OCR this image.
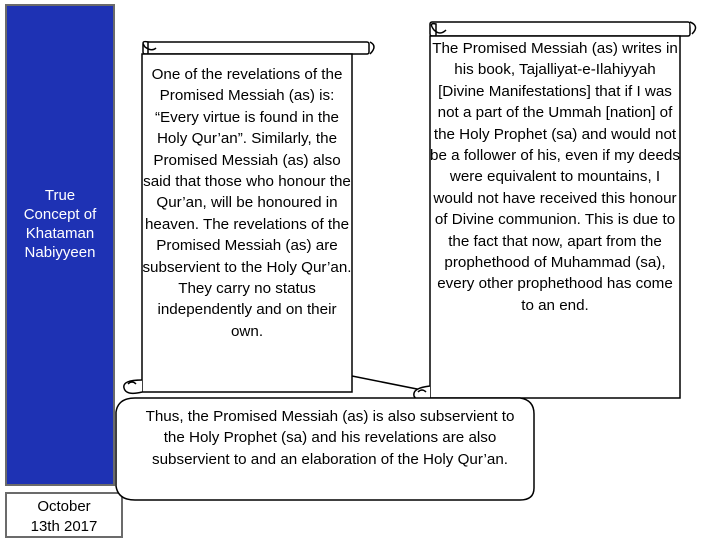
True
Concept of
Khataman
Nabiyyeen
October
13th 2017
One of the revelations of the Promised Messiah (as) is: “Every virtue is found in the Holy Qur’an”. Similarly, the Promised Messiah (as) also said that those who honour the Qur’an, will be honoured in heaven. The revelations of the Promised Messiah (as) are subservient to the Holy Qur’an. They carry no status independently and on their own.
The Promised Messiah (as) writes in his book, Tajalliyat-e-Ilahiyyah [Divine Manifestations] that if I was not a part of the Ummah [nation] of the Holy Prophet (sa) and would not be a follower of his, even if my deeds were equivalent to mountains, I would not have received this honour of Divine communion. This is due to the fact that now, apart from the prophethood of Muhammad (sa), every other prophethood has come to an end.
Thus, the Promised Messiah (as) is also subservient to the Holy Prophet (sa) and his revelations are also subservient to and an elaboration of the Holy Qur’an.
